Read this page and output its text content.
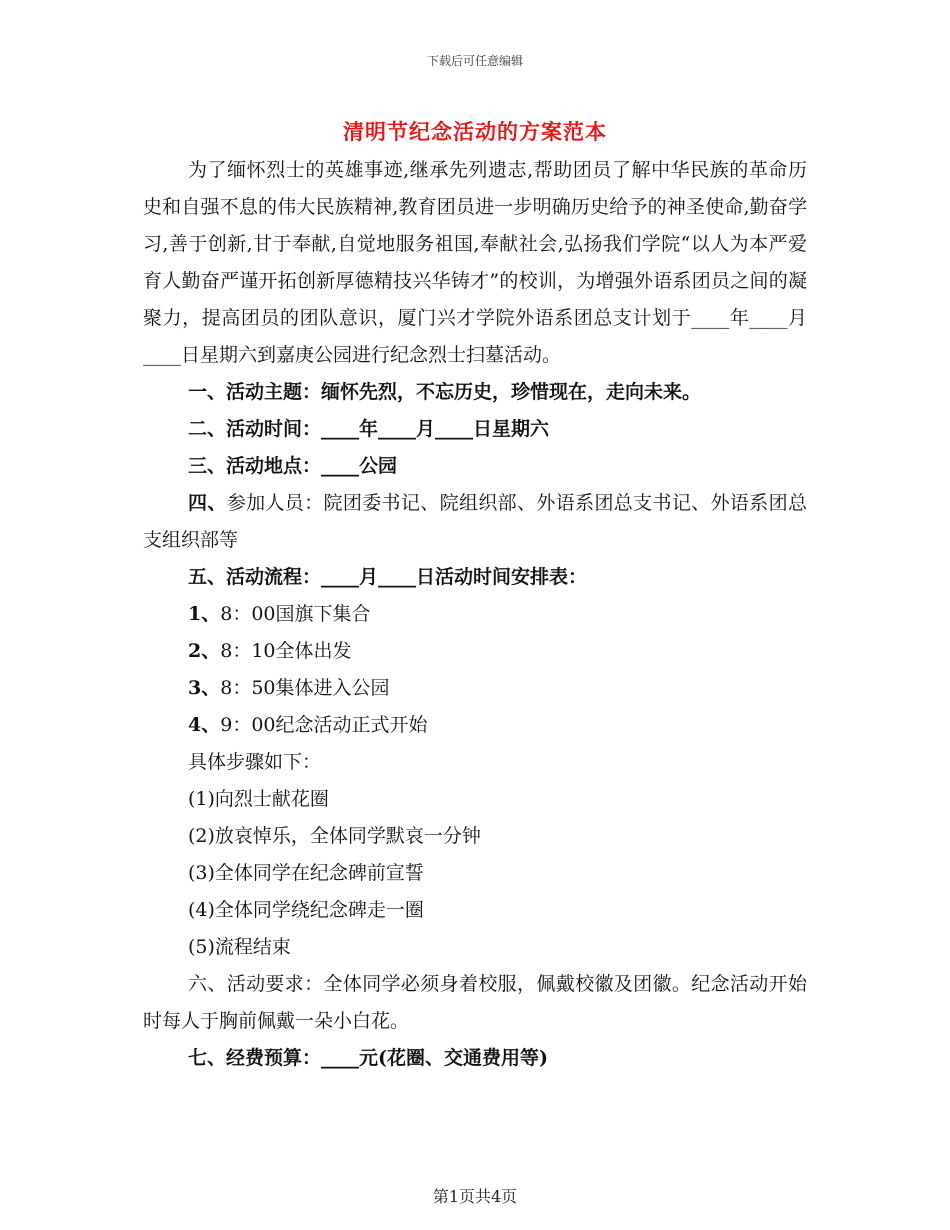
下载后可任意编辑
清明节纪念活动的方案范本

为了缅怀烈士的英雄事迹,继承先列遗志,帮助团员了解中华民族的革命历史和自强不息的伟大民族精神,教育团员进一步明确历史给予的神圣使命,勤奋学习,善于创新,甘于奉献,自觉地服务祖国,奉献社会,弘扬我们学院“以人为本严爱育人勤奋严谨开拓创新厚德精技兴华铸才”的校训，为增强外语系团员之间的凝聚力，提高团员的团队意识，厦门兴才学院外语系团总支计划于____年____月____日星期六到嘉庚公园进行纪念烈士扫墓活动。

一、活动主题：缅怀先烈，不忘历史，珍惜现在，走向未来。

二、活动时间：____年____月____日星期六

三、活动地点：____公园

四、参加人员：院团委书记、院组织部、外语系团总支书记、外语系团总支组织部等

五、活动流程：____月____日活动时间安排表：

1、8：00国旗下集合

2、8：10全体出发

3、8：50集体进入公园

4、9：00纪念活动正式开始

具体步骤如下：

(1)向烈士献花圈

(2)放哀悼乐，全体同学默哀一分钟

(3)全体同学在纪念碑前宣誓

(4)全体同学绕纪念碑走一圈

(5)流程结束

六、活动要求：全体同学必须身着校服，佩戴校徽及团徽。纪念活动开始时每人于胸前佩戴一朵小白花。

七、经费预算：____元(花圈、交通费用等)

第1页共4页
